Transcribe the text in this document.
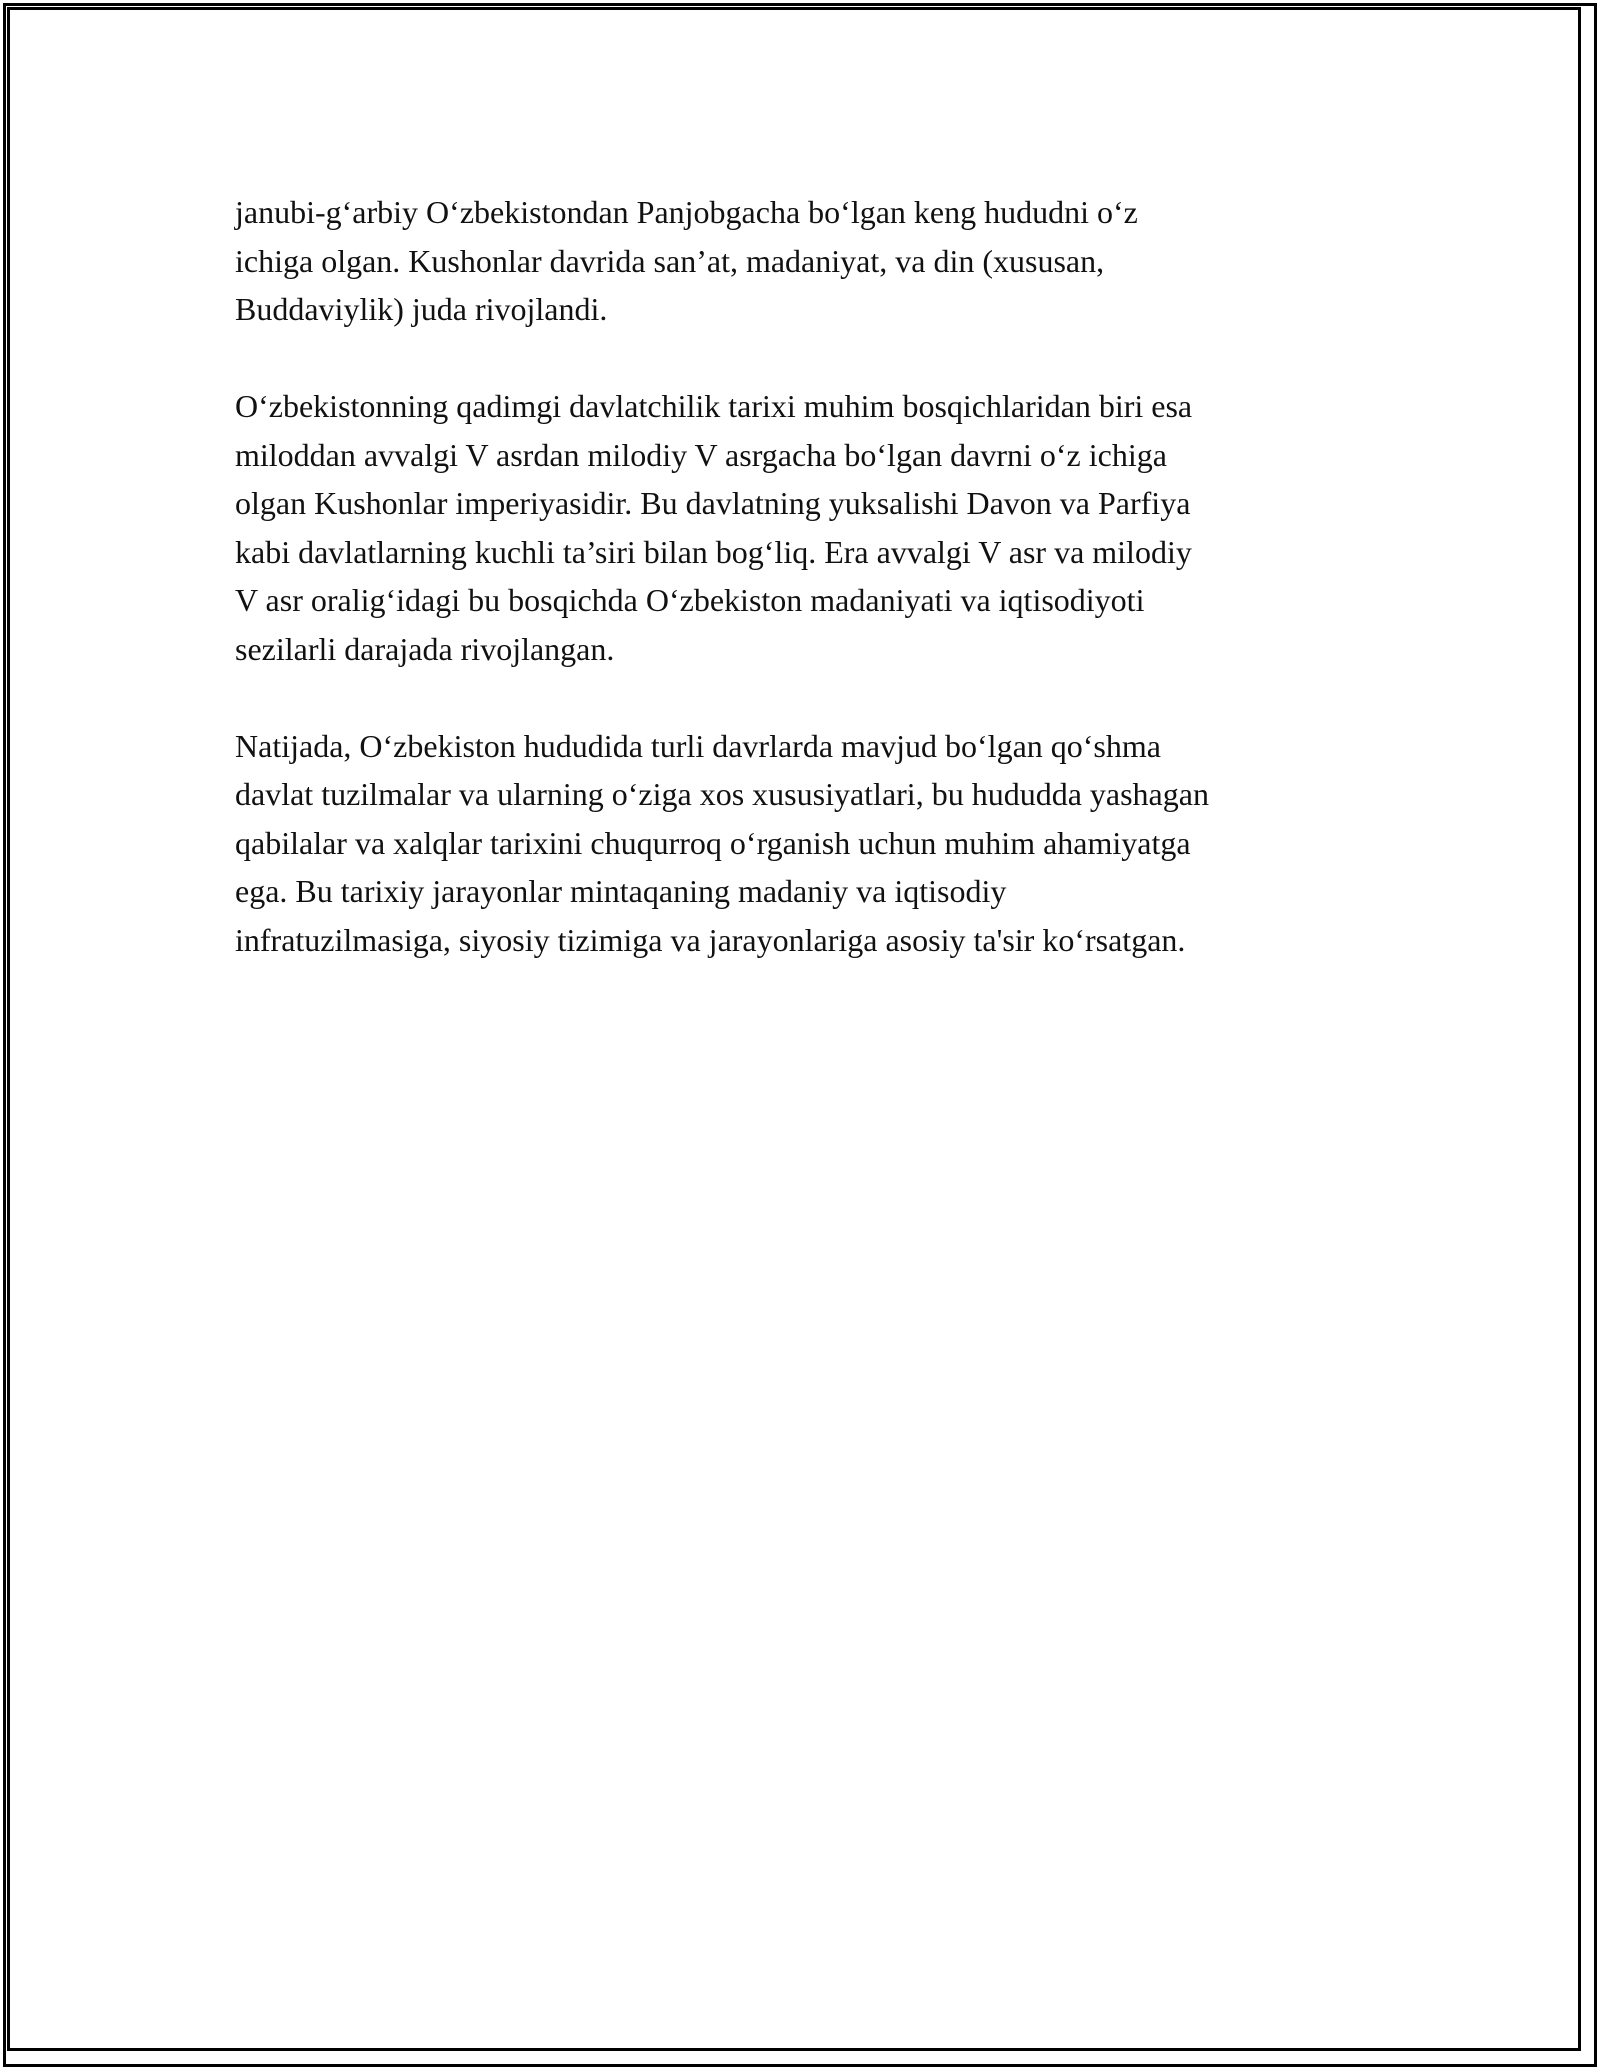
janubi-g‘arbiy O‘zbekistondan Panjobgacha bo‘lgan keng hududni o‘z
ichiga olgan. Kushonlar davrida san’at, madaniyat, va din (xususan,
Buddaviylik) juda rivojlandi.

O‘zbekistonning qadimgi davlatchilik tarixi muhim bosqichlaridan biri esa
miloddan avvalgi V asrdan milodiy V asrgacha bo‘lgan davrni o‘z ichiga
olgan Kushonlar imperiyasidir. Bu davlatning yuksalishi Davon va Parfiya
kabi davlatlarning kuchli ta’siri bilan bog‘liq. Era avvalgi V asr va milodiy
V asr oralig‘idagi bu bosqichda O‘zbekiston madaniyati va iqtisodiyoti
sezilarli darajada rivojlangan.

Natijada, O‘zbekiston hududida turli davrlarda mavjud bo‘lgan qo‘shma
davlat tuzilmalar va ularning o‘ziga xos xususiyatlari, bu hududda yashagan
qabilalar va xalqlar tarixini chuqurroq o‘rganish uchun muhim ahamiyatga
ega. Bu tarixiy jarayonlar mintaqaning madaniy va iqtisodiy
infratuzilmasiga, siyosiy tizimiga va jarayonlariga asosiy ta'sir ko‘rsatgan.
